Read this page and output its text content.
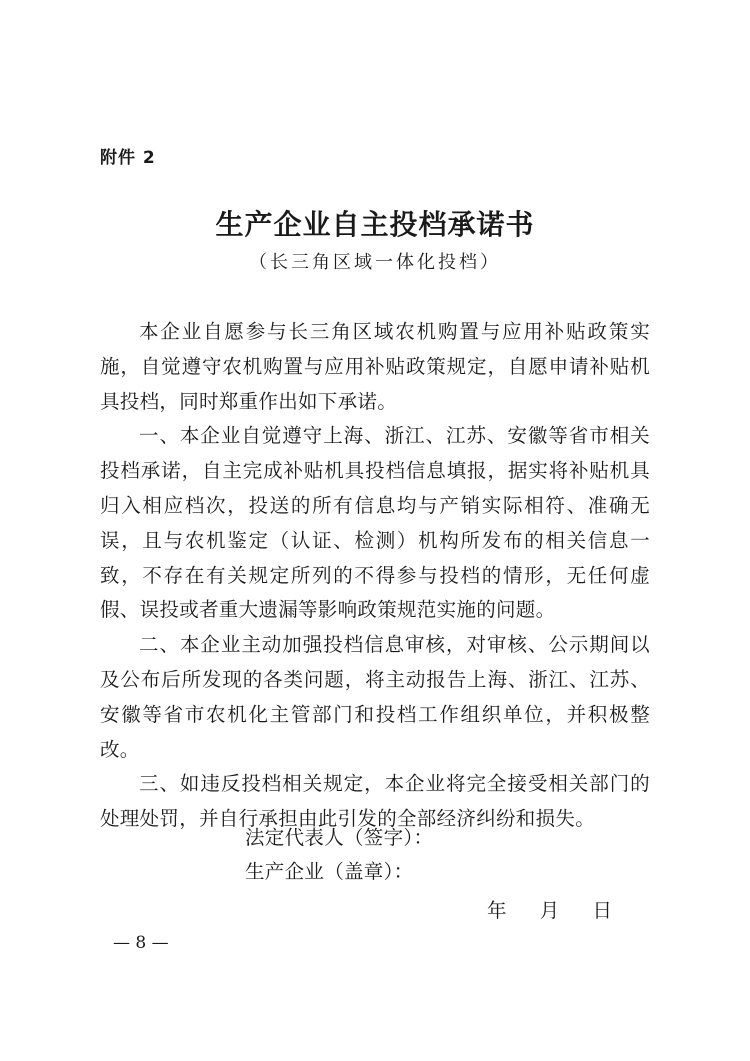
附件 2
生产企业自主投档承诺书
（长三角区域一体化投档）

本企业自愿参与长三角区域农机购置与应用补贴政策实施，自觉遵守农机购置与应用补贴政策规定，自愿申请补贴机具投档，同时郑重作出如下承诺。

一、本企业自觉遵守上海、浙江、江苏、安徽等省市相关投档承诺，自主完成补贴机具投档信息填报，据实将补贴机具归入相应档次，投送的所有信息均与产销实际相符、准确无误，且与农机鉴定（认证、检测）机构所发布的相关信息一致，不存在有关规定所列的不得参与投档的情形，无任何虚假、误投或者重大遗漏等影响政策规范实施的问题。

二、本企业主动加强投档信息审核，对审核、公示期间以及公布后所发现的各类问题，将主动报告上海、浙江、江苏、安徽等省市农机化主管部门和投档工作组织单位，并积极整改。

三、如违反投档相关规定，本企业将完全接受相关部门的处理处罚，并自行承担由此引发的全部经济纠纷和损失。

法定代表人（签字）：
生产企业（盖章）：
年 月 日
— 8 —
